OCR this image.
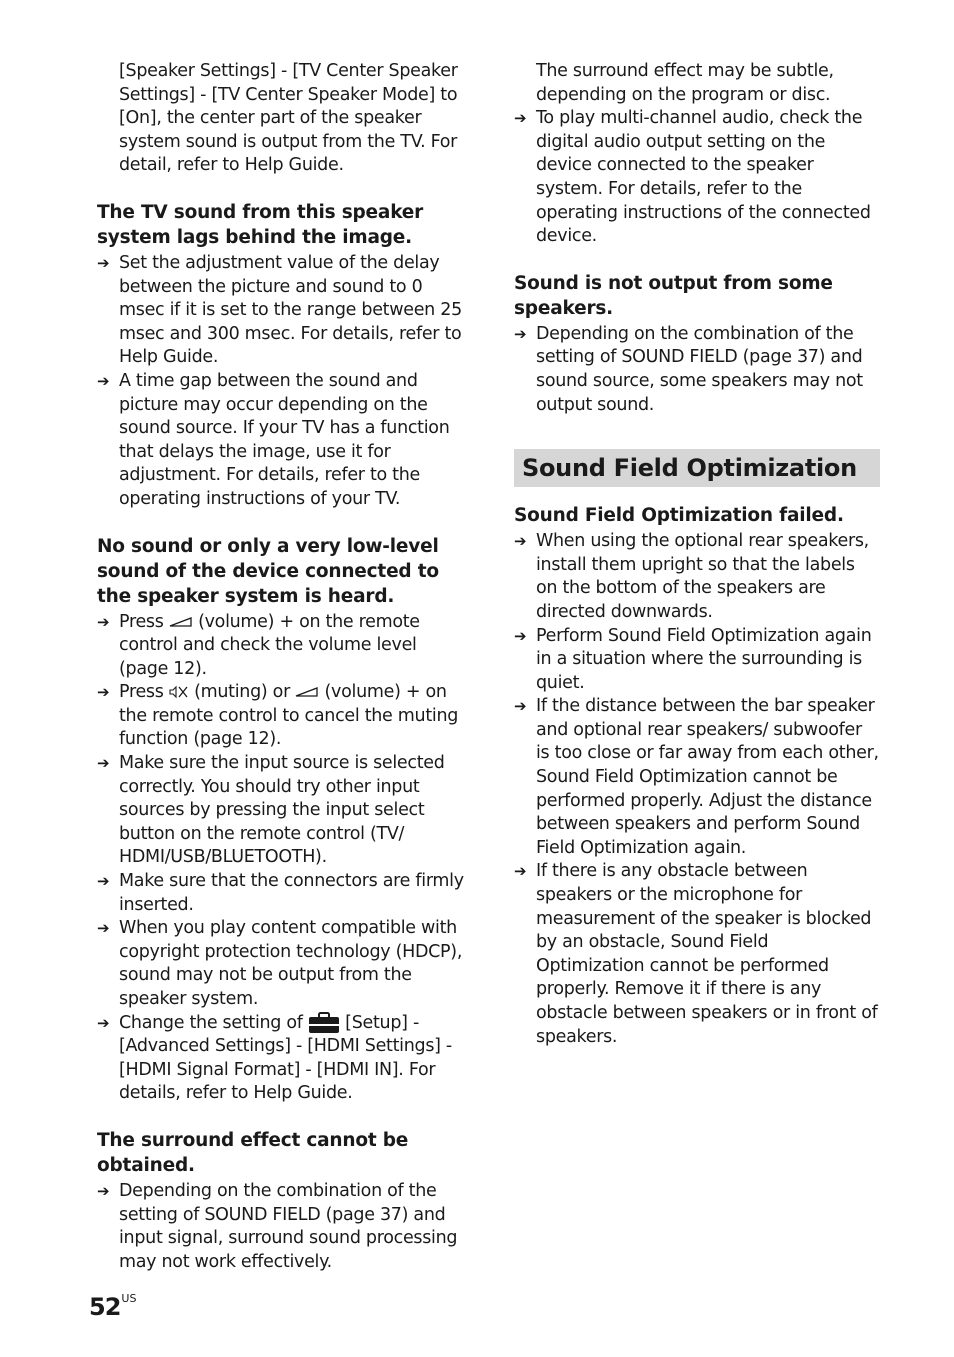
[Speaker Settings] - [TV Center Speaker Settings] - [TV Center Speaker Mode] to [On], the center part of the speaker system sound is output from the TV. For detail, refer to Help Guide.

The TV sound from this speaker system lags behind the image.
➔ Set the adjustment value of the delay between the picture and sound to 0 msec if it is set to the range between 25 msec and 300 msec. For details, refer to Help Guide.
➔ A time gap between the sound and picture may occur depending on the sound source. If your TV has a function that delays the image, use it for adjustment. For details, refer to the operating instructions of your TV.
No sound or only a very low-level sound of the device connected to the speaker system is heard.
➔ Press  (volume) + on the remote control and check the volume level (page 12).
➔ Press  (muting) or  (volume) + on the remote control to cancel the muting function (page 12).
➔ Make sure the input source is selected correctly. You should try other input sources by pressing the input select button on the remote control (TV/ HDMI/USB/BLUETOOTH).
➔ Make sure that the connectors are firmly inserted.
➔ When you play content compatible with copyright protection technology (HDCP), sound may not be output from the speaker system.
➔ Change the setting of  [Setup] - [Advanced Settings] - [HDMI Settings] - [HDMI Signal Format] - [HDMI IN]. For details, refer to Help Guide.
The surround effect cannot be obtained.
➔ Depending on the combination of the setting of SOUND FIELD (page 37) and input signal, surround sound processing may not work effectively.

The surround effect may be subtle, depending on the program or disc.

➔ To play multi-channel audio, check the digital audio output setting on the device connected to the speaker system. For details, refer to the operating instructions of the connected device.
Sound is not output from some speakers.
➔ Depending on the combination of the setting of SOUND FIELD (page 37) and sound source, some speakers may not output sound.
Sound Field Optimization
Sound Field Optimization failed.
➔ When using the optional rear speakers, install them upright so that the labels on the bottom of the speakers are directed downwards.
➔ Perform Sound Field Optimization again in a situation where the surrounding is quiet.
➔ If the distance between the bar speaker and optional rear speakers/ subwoofer is too close or far away from each other, Sound Field Optimization cannot be performed properly. Adjust the distance between speakers and perform Sound Field Optimization again.
➔ If there is any obstacle between speakers or the microphone for measurement of the speaker is blocked by an obstacle, Sound Field Optimization cannot be performed properly. Remove it if there is any obstacle between speakers or in front of speakers.
$52^{US}$
